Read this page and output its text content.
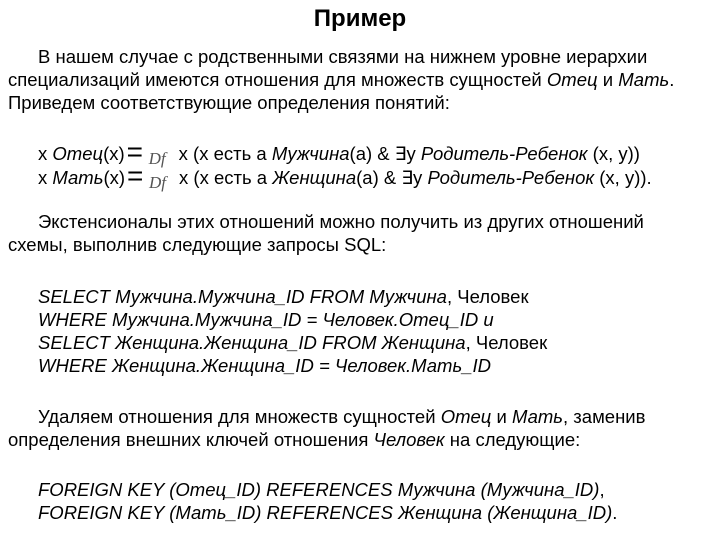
Пример

В нашем случае с родственными связями на нижнем уровне иерархии специализаций имеются отношения для множеств сущностей Отец и Мать. Приведем соответствующие определения понятий:

x Отец(x) = Df x (x есть а Мужчина(а) & ∃y Родитель-Ребенок (x, y))
x Мать(x) = Df x (x есть а Женщина(а) & ∃y Родитель-Ребенок (x, y)).

Экстенсионалы этих отношений можно получить из других отношений схемы, выполнив следующие запросы SQL:

SELECT Мужчина.Мужчина_ID FROM Мужчина, Человек
WHERE Мужчина.Мужчина_ID = Человек.Отец_ID и
SELECT Женщина.Женщина_ID FROM Женщина, Человек
WHERE Женщина.Женщина_ID = Человек.Мать_ID

Удаляем отношения для множеств сущностей Отец и Мать, заменив определения внешних ключей отношения Человек на следующие:

FOREIGN KEY (Отец_ID) REFERENCES Мужчина (Мужчина_ID),
FOREIGN KEY (Мать_ID) REFERENCES Женщина (Женщина_ID).
